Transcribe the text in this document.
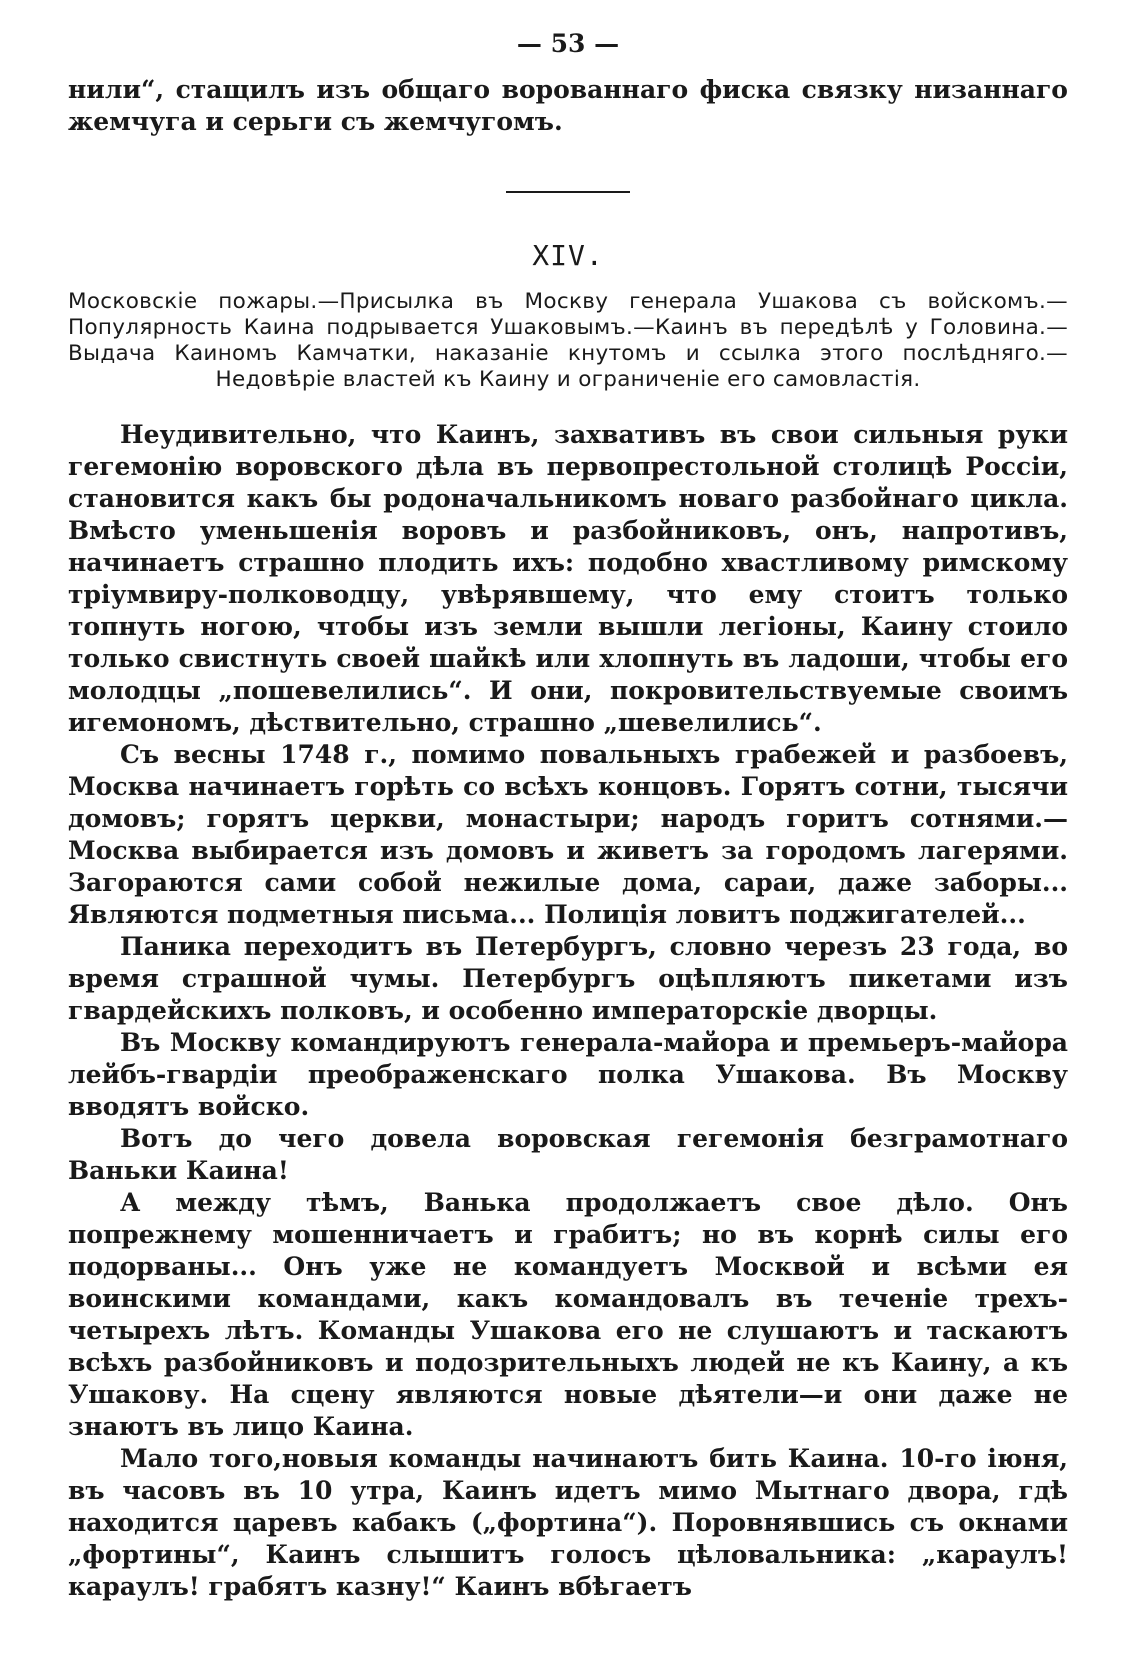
— 53 —

нили“, стащилъ изъ общаго ворованнаго фиска связку низаннаго жемчуга и серьги съ жемчугомъ.

XIV.

Московскіе пожары.—Присылка въ Москву генерала Ушакова съ войскомъ.—Популярность Каина подрывается Ушаковымъ.—Каинъ въ передѣлѣ у Головина.—Выдача Каиномъ Камчатки, наказаніе кнутомъ и ссылка этого послѣдняго.—Недовѣріе властей къ Каину и ограниченіе его самовластія.

Неудивительно, что Каинъ, захвативъ въ свои сильныя руки гегемонію воровского дѣла въ первопрестольной столицѣ Россіи, становится какъ бы родоначальникомъ новаго разбойнаго цикла. Вмѣсто уменьшенія воровъ и разбойниковъ, онъ, напротивъ, начинаетъ страшно плодить ихъ: подобно хвастливому римскому тріумвиру-полководцу, увѣрявшему, что ему стоитъ только топнуть ногою, чтобы изъ земли вышли легіоны, Каину стоило только свистнуть своей шайкѣ или хлопнуть въ ладоши, чтобы его молодцы „пошевелились“. И они, покровительствуемые своимъ игемономъ, дѣствительно, страшно „шевелились“.

Съ весны 1748 г., помимо повальныхъ грабежей и разбоевъ, Москва начинаетъ горѣть со всѣхъ концовъ. Горятъ сотни, тысячи домовъ; горятъ церкви, монастыри; народъ горитъ сотнями.—Москва выбирается изъ домовъ и живетъ за городомъ лагерями. Загораются сами собой нежилые дома, сараи, даже заборы... Являются подметныя письма... Полиція ловитъ поджигателей...

Паника переходитъ въ Петербургъ, словно черезъ 23 года, во время страшной чумы. Петербургъ оцѣпляютъ пикетами изъ гвардейскихъ полковъ, и особенно императорскіе дворцы.

Въ Москву командируютъ генерала-майора и премьеръ-майора лейбъ-гвардіи преображенскаго полка Ушакова. Въ Москву вводятъ войско.

Вотъ до чего довела воровская гегемонія безграмотнаго Ваньки Каина!

А между тѣмъ, Ванька продолжаетъ свое дѣло. Онъ попрежнему мошенничаетъ и грабитъ; но въ корнѣ силы его подорваны... Онъ уже не командуетъ Москвой и всѣми ея воинскими командами, какъ командовалъ въ теченіе трехъ-четырехъ лѣтъ. Команды Ушакова его не слушаютъ и таскаютъ всѣхъ разбойниковъ и подозрительныхъ людей не къ Каину, а къ Ушакову. На сцену являются новые дѣятели—и они даже не знаютъ въ лицо Каина.

Мало того,новыя команды начинаютъ бить Каина. 10-го іюня, въ часовъ въ 10 утра, Каинъ идетъ мимо Мытнаго двора, гдѣ находится царевъ кабакъ („фортина“). Поровнявшись съ окнами „фортины“, Каинъ слышитъ голосъ цѣловальника: „караулъ! караулъ! грабятъ казну!“ Каинъ вбѣгаетъ
